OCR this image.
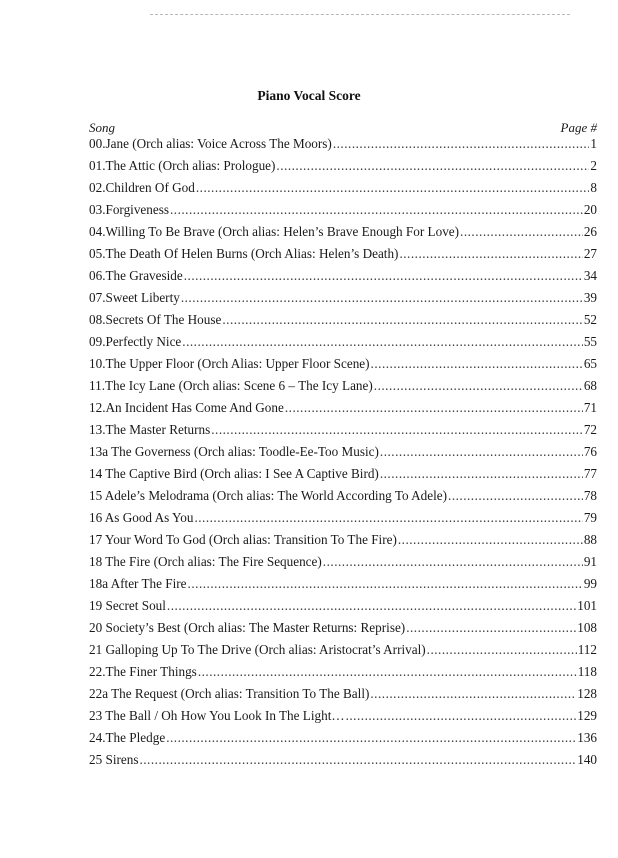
Piano Vocal Score
Song	Page #
00.Jane (Orch alias: Voice Across The Moors) .....	1
01.The Attic (Orch alias: Prologue) .....	2
02.Children Of God .....	8
03.Forgiveness .....	20
04.Willing To Be Brave (Orch alias: Helen’s Brave Enough For Love) .....	26
05.The Death Of Helen Burns (Orch Alias: Helen’s Death) .....	27
06.The Graveside .....	34
07.Sweet Liberty .....	39
08.Secrets Of The House .....	52
09.Perfectly Nice .....	55
10.The Upper Floor (Orch Alias: Upper Floor Scene) .....	65
11.The Icy Lane (Orch alias: Scene 6 – The Icy Lane) .....	68
12.An Incident Has Come And Gone .....	71
13.The Master Returns .....	72
13a The Governess (Orch alias: Toodle-Ee-Too Music) .....	76
14 The Captive Bird (Orch alias: I See A Captive Bird) .....	77
15 Adele’s Melodrama (Orch alias: The World According To Adele) .....	78
16 As Good As You .....	79
17 Your Word To God (Orch alias: Transition To The Fire) .....	88
18 The Fire (Orch alias: The Fire Sequence) .....	91
18a After The Fire .....	99
19 Secret Soul .....	101
20 Society’s Best (Orch alias: The Master Returns: Reprise) .....	108
21 Galloping Up To The Drive (Orch alias: Aristocrat’s Arrival) .....	112
22.The Finer Things .....	118
22a The Request (Orch alias: Transition To The Ball) .....	128
23 The Ball / Oh How You Look In The Light… .....	129
24.The Pledge .....	136
25 Sirens .....	140
